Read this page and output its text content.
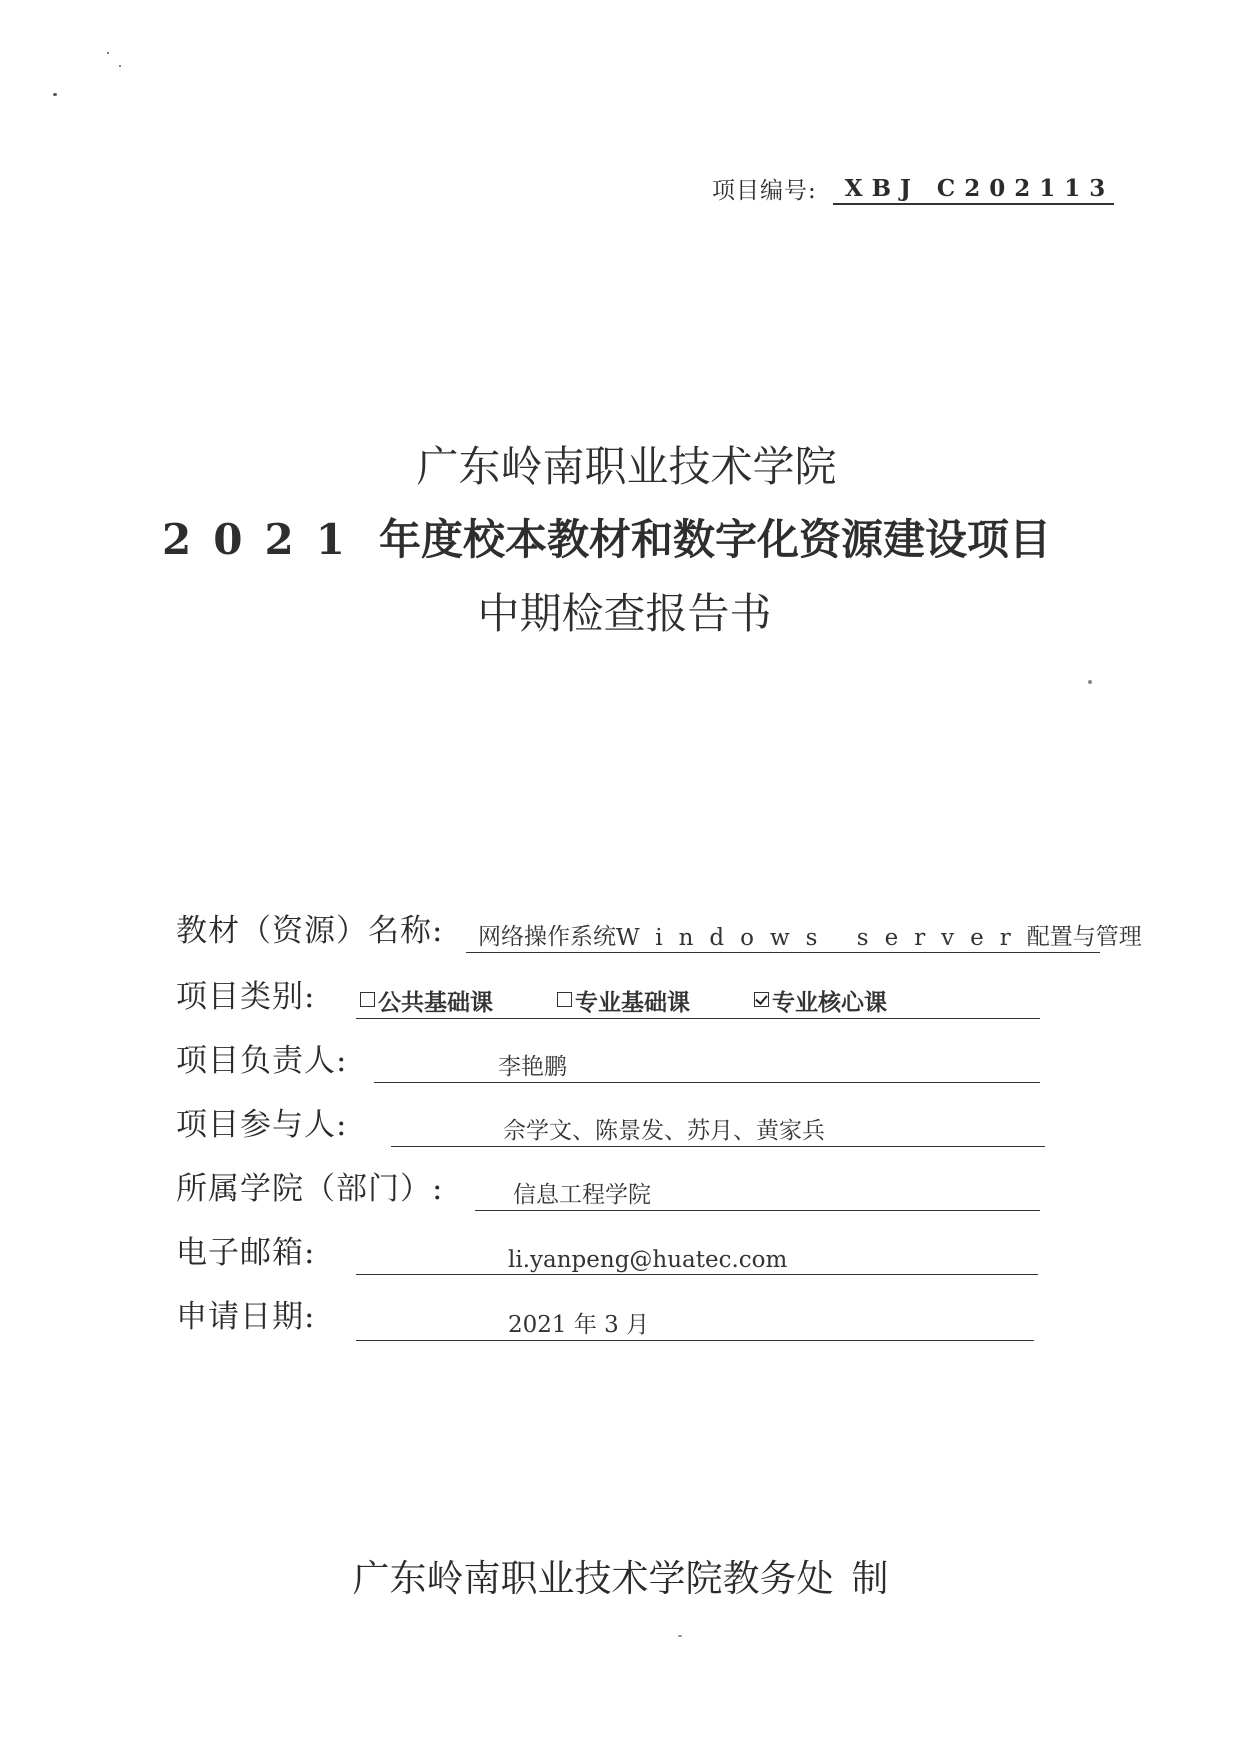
项目编号:	XBJ C202113
广东岭南职业技术学院
2021 年度校本教材和数字化资源建设项目
中期检查报告书
教材（资源）名称: 网络操作系统 Windows server 配置与管理
项目类别:	公共基础课	专业基础课	专业核心课
项目负责人:	李艳鹏
项目参与人:	佘学文、陈景发、苏月、黄家兵
所属学院（部门）:	信息工程学院
电子邮箱:	li.yanpeng@huatec.com
申请日期:	2021 年 3 月
广东岭南职业技术学院教务处 制
